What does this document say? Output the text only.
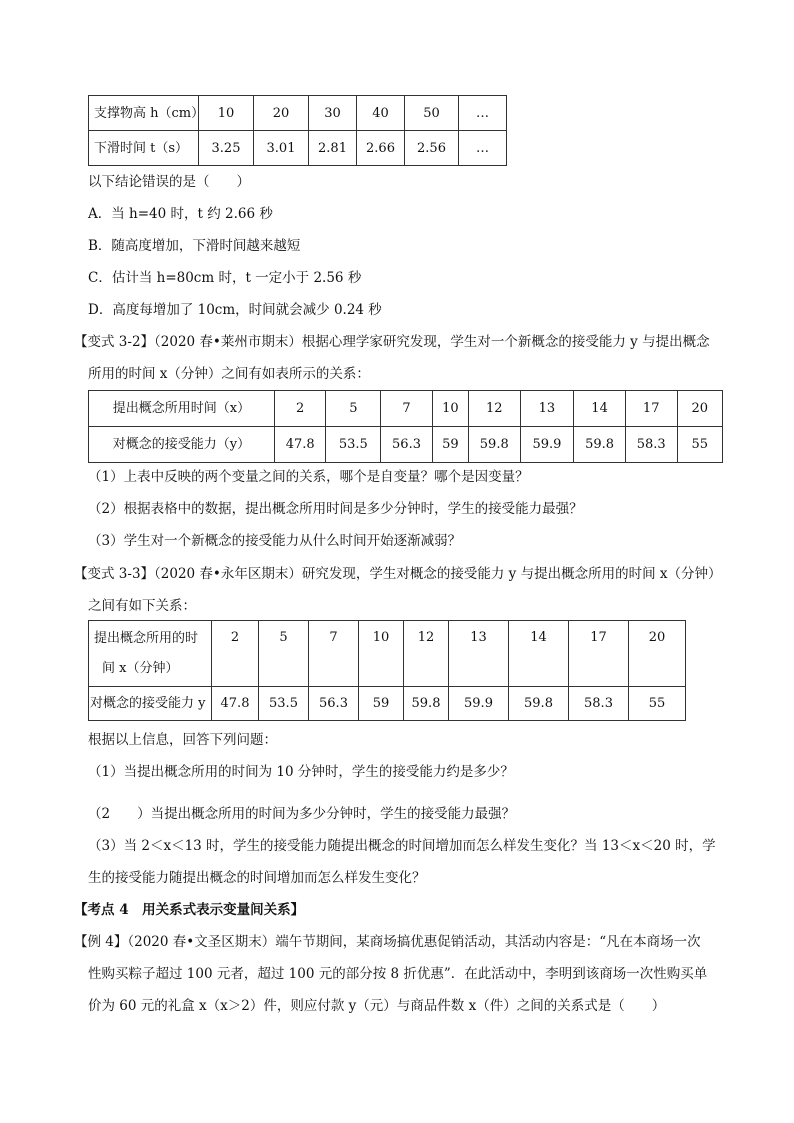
支撑物高 h（cm）	10	20	30	40	50	…
下滑时间 t（s）	3.25	3.01	2.81	2.66	2.56	…
以下结论错误的是（　　）
A．当 h=40 时，t 约 2.66 秒
B．随高度增加，下滑时间越来越短
C．估计当 h=80cm 时，t 一定小于 2.56 秒
D．高度每增加了 10cm，时间就会减少 0.24 秒
【变式 3-2】（2020 春•莱州市期末）根据心理学家研究发现，学生对一个新概念的接受能力 y 与提出概念
所用的时间 x（分钟）之间有如表所示的关系：
提出概念所用时间（x）	2	5	7	10	12	13	14	17	20
对概念的接受能力（y）	47.8	53.5	56.3	59	59.8	59.9	59.8	58.3	55
（1）上表中反映的两个变量之间的关系，哪个是自变量？哪个是因变量？
（2）根据表格中的数据，提出概念所用时间是多少分钟时，学生的接受能力最强？
（3）学生对一个新概念的接受能力从什么时间开始逐渐减弱？
【变式 3-3】（2020 春•永年区期末）研究发现，学生对概念的接受能力 y 与提出概念所用的时间 x（分钟）
之间有如下关系：
提出概念所用的时
间 x（分钟）	2	5	7	10	12	13	14	17	20
对概念的接受能力 y	47.8	53.5	56.3	59	59.8	59.9	59.8	58.3	55
根据以上信息，回答下列问题：
（1）当提出概念所用的时间为 10 分钟时，学生的接受能力约是多少？
（2　　）当提出概念所用的时间为多少分钟时，学生的接受能力最强？
（3）当 2＜x＜13 时，学生的接受能力随提出概念的时间增加而怎么样发生变化？当 13＜x＜20 时，学
生的接受能力随提出概念的时间增加而怎么样发生变化？
【考点 4　用关系式表示变量间关系】
【例 4】（2020 春•文圣区期末）端午节期间，某商场搞优惠促销活动，其活动内容是：“凡在本商场一次
性购买粽子超过 100 元者，超过 100 元的部分按 8 折优惠”．在此活动中，李明到该商场一次性购买单
价为 60 元的礼盒 x（x＞2）件，则应付款 y（元）与商品件数 x（件）之间的关系式是（　　）
